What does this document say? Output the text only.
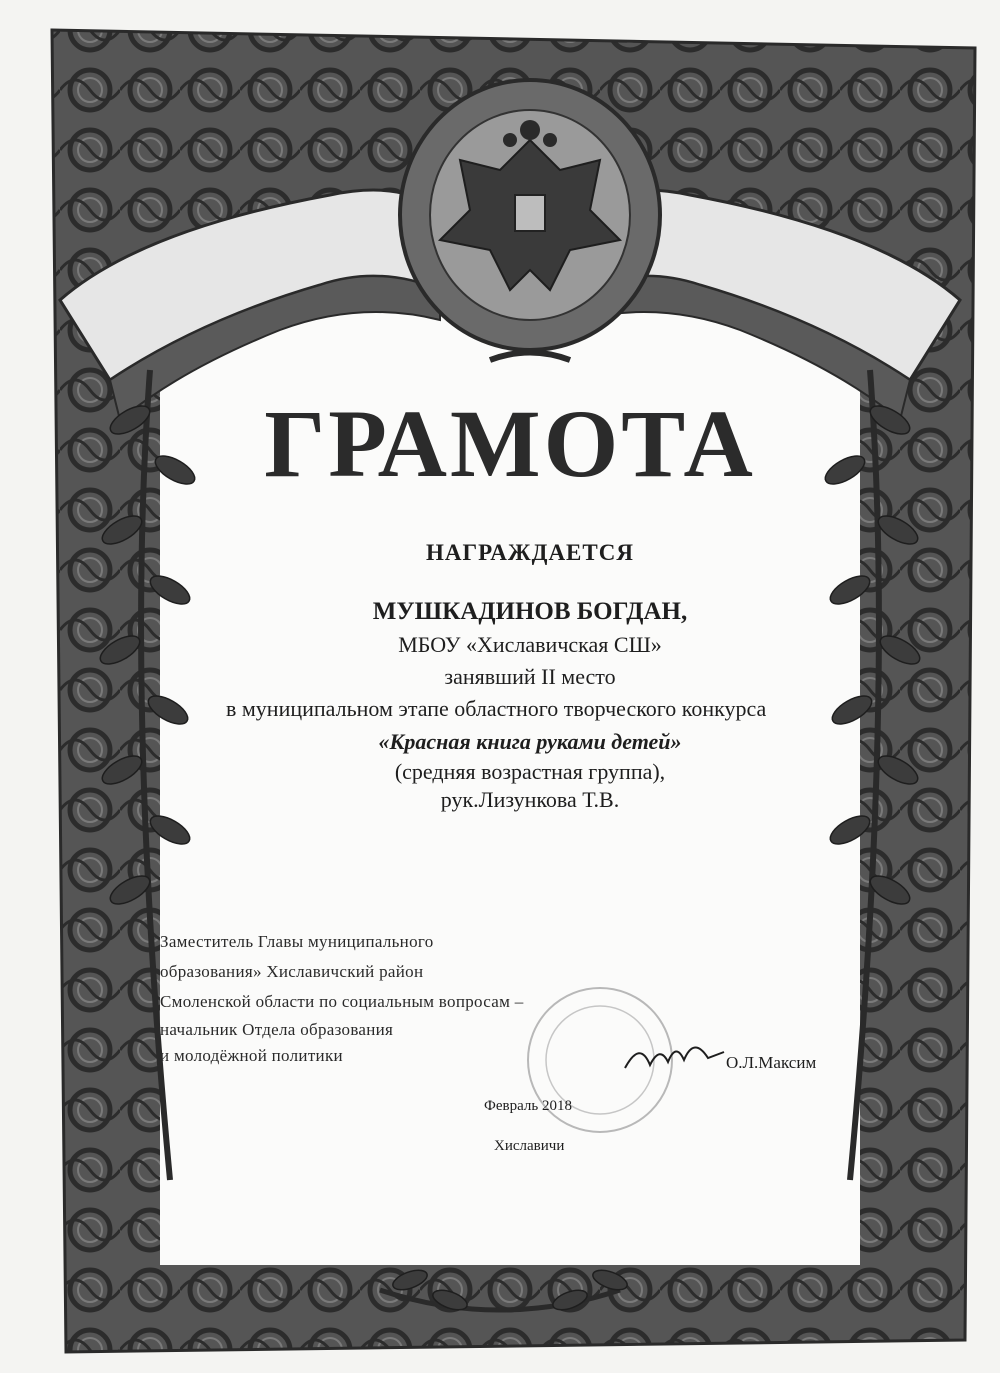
ГРАМОТА
НАГРАЖДАЕТСЯ
МУШКАДИНОВ БОГДАН,
МБОУ «Хиславичская СШ»
занявший II место
в муниципальном этапе областного творческого конкурса
«Красная книга руками детей»
(средняя возрастная группа),
рук.Лизункова Т.В.
Заместитель Главы муниципального
образования» Хиславичский район
Смоленской области по социальным вопросам –
начальник Отдела образования
и молодёжной политики	О.Л.Максим
Февраль 2018
Хиславичи
